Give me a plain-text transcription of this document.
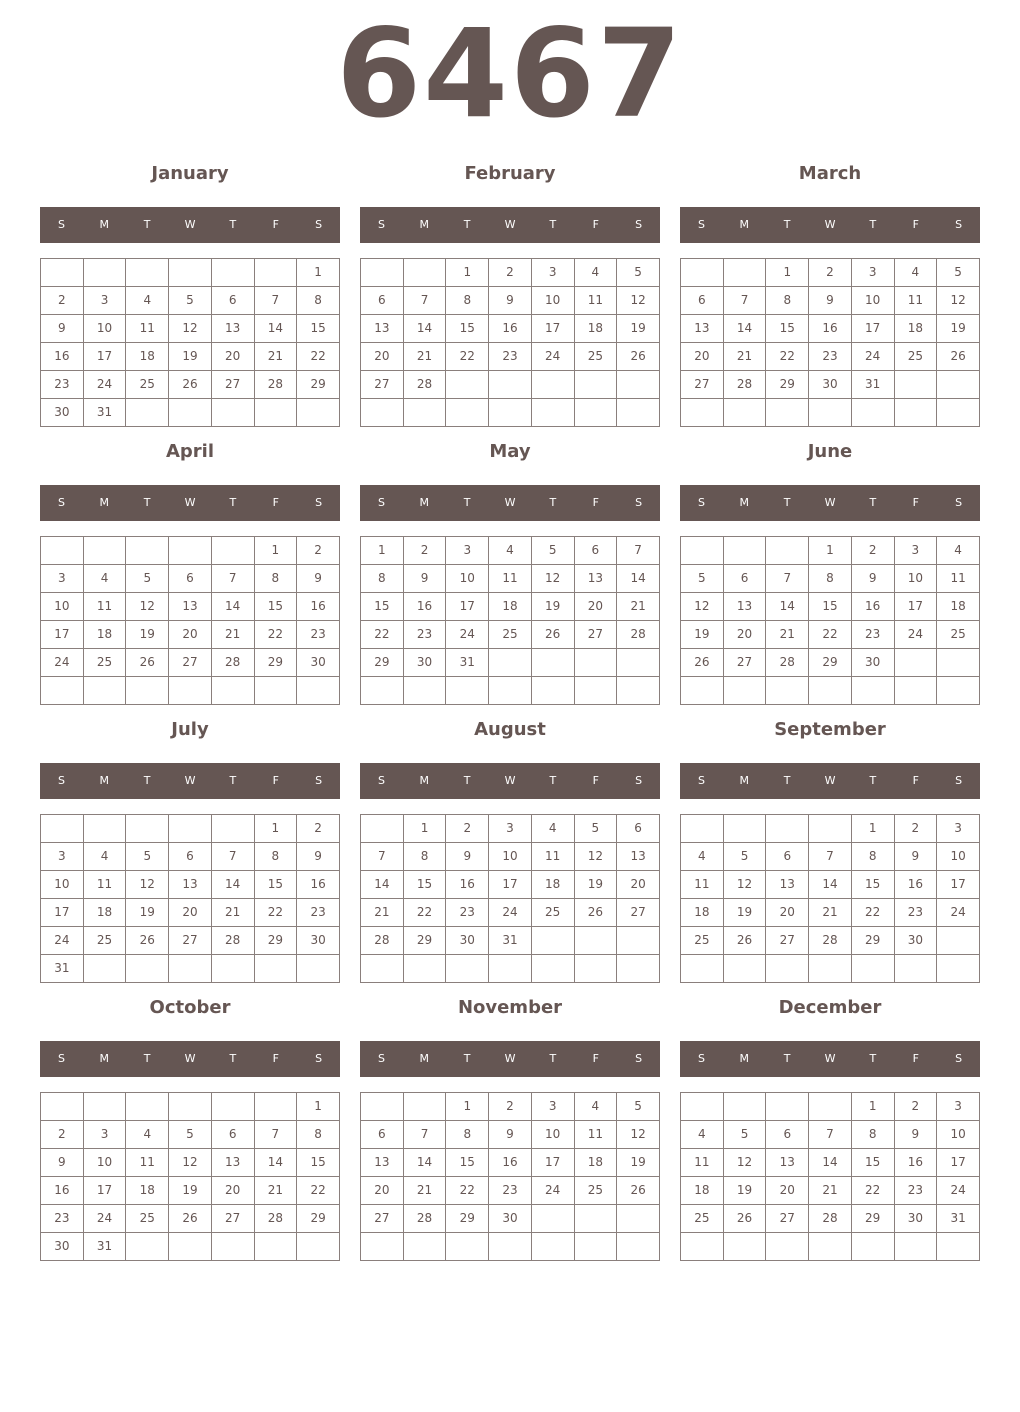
6467
January
S	M	T	W	T	F	S
						1
2	3	4	5	6	7	8
9	10	11	12	13	14	15
16	17	18	19	20	21	22
23	24	25	26	27	28	29
30	31					
February
S	M	T	W	T	F	S
		1	2	3	4	5
6	7	8	9	10	11	12
13	14	15	16	17	18	19
20	21	22	23	24	25	26
27	28					

March
S	M	T	W	T	F	S
		1	2	3	4	5
6	7	8	9	10	11	12
13	14	15	16	17	18	19
20	21	22	23	24	25	26
27	28	29	30	31		

April
S	M	T	W	T	F	S
					1	2
3	4	5	6	7	8	9
10	11	12	13	14	15	16
17	18	19	20	21	22	23
24	25	26	27	28	29	30

May
S	M	T	W	T	F	S
1	2	3	4	5	6	7
8	9	10	11	12	13	14
15	16	17	18	19	20	21
22	23	24	25	26	27	28
29	30	31				

June
S	M	T	W	T	F	S
			1	2	3	4
5	6	7	8	9	10	11
12	13	14	15	16	17	18
19	20	21	22	23	24	25
26	27	28	29	30		

July
S	M	T	W	T	F	S
					1	2
3	4	5	6	7	8	9
10	11	12	13	14	15	16
17	18	19	20	21	22	23
24	25	26	27	28	29	30
31						
August
S	M	T	W	T	F	S
	1	2	3	4	5	6
7	8	9	10	11	12	13
14	15	16	17	18	19	20
21	22	23	24	25	26	27
28	29	30	31			

September
S	M	T	W	T	F	S
				1	2	3
4	5	6	7	8	9	10
11	12	13	14	15	16	17
18	19	20	21	22	23	24
25	26	27	28	29	30	

October
S	M	T	W	T	F	S
						1
2	3	4	5	6	7	8
9	10	11	12	13	14	15
16	17	18	19	20	21	22
23	24	25	26	27	28	29
30	31					
November
S	M	T	W	T	F	S
		1	2	3	4	5
6	7	8	9	10	11	12
13	14	15	16	17	18	19
20	21	22	23	24	25	26
27	28	29	30			

December
S	M	T	W	T	F	S
				1	2	3
4	5	6	7	8	9	10
11	12	13	14	15	16	17
18	19	20	21	22	23	24
25	26	27	28	29	30	31
